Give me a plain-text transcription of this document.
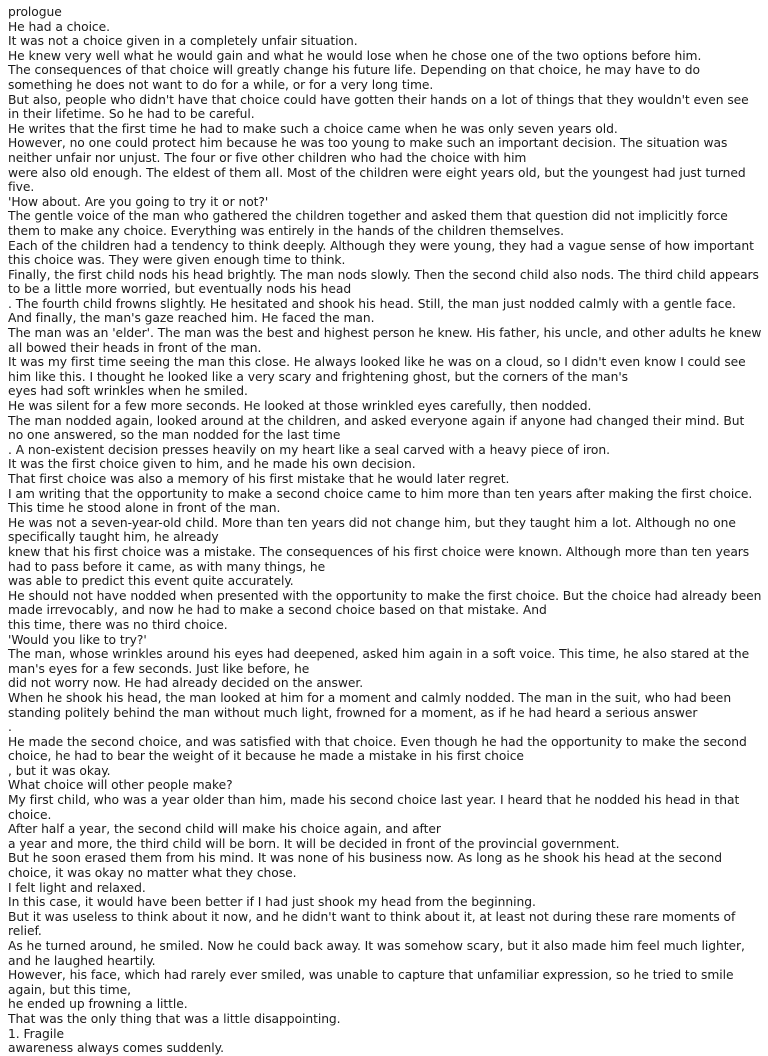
prologue

He had a choice.

It was not a choice given in a completely unfair situation.

He knew very well what he would gain and what he would lose when he chose one of the two options before him.

The consequences of that choice will greatly change his future life. Depending on that choice, he may have to do something he does not want to do for a while, or for a very long time.

But also, people who didn't have that choice could have gotten their hands on a lot of things that they wouldn't even see in their lifetime. So he had to be careful.

He writes that the first time he had to make such a choice came when he was only seven years old.

However, no one could protect him because he was too young to make such an important decision. The situation was neither unfair nor unjust. The four or five other children who had the choice with him

were also old enough. The eldest of them all. Most of the children were eight years old, but the youngest had just turned five.

'How about. Are you going to try it or not?'

The gentle voice of the man who gathered the children together and asked them that question did not implicitly force them to make any choice. Everything was entirely in the hands of the children themselves.

Each of the children had a tendency to think deeply. Although they were young, they had a vague sense of how important this choice was. They were given enough time to think.

Finally, the first child nods his head brightly. The man nods slowly. Then the second child also nods. The third child appears to be a little more worried, but eventually nods his head

. The fourth child frowns slightly. He hesitated and shook his head. Still, the man just nodded calmly with a gentle face.

And finally, the man's gaze reached him. He faced the man.

The man was an 'elder'. The man was the best and highest person he knew. His father, his uncle, and other adults he knew all bowed their heads in front of the man.

It was my first time seeing the man this close. He always looked like he was on a cloud, so I didn't even know I could see him like this. I thought he looked like a very scary and frightening ghost, but the corners of the man's

eyes had soft wrinkles when he smiled.

He was silent for a few more seconds. He looked at those wrinkled eyes carefully, then nodded.

The man nodded again, looked around at the children, and asked everyone again if anyone had changed their mind. But no one answered, so the man nodded for the last time

. A non-existent decision presses heavily on my heart like a seal carved with a heavy piece of iron.

It was the first choice given to him, and he made his own decision.

That first choice was also a memory of his first mistake that he would later regret.

I am writing that the opportunity to make a second choice came to him more than ten years after making the first choice.

This time he stood alone in front of the man.

He was not a seven-year-old child. More than ten years did not change him, but they taught him a lot. Although no one specifically taught him, he already

knew that his first choice was a mistake. The consequences of his first choice were known. Although more than ten years had to pass before it came, as with many things, he

was able to predict this event quite accurately.

He should not have nodded when presented with the opportunity to make the first choice. But the choice had already been made irrevocably, and now he had to make a second choice based on that mistake. And

this time, there was no third choice.

'Would you like to try?'

The man, whose wrinkles around his eyes had deepened, asked him again in a soft voice. This time, he also stared at the man's eyes for a few seconds. Just like before, he

did not worry now. He had already decided on the answer.

When he shook his head, the man looked at him for a moment and calmly nodded. The man in the suit, who had been standing politely behind the man without much light, frowned for a moment, as if he had heard a serious answer

.

He made the second choice, and was satisfied with that choice. Even though he had the opportunity to make the second choice, he had to bear the weight of it because he made a mistake in his first choice

, but it was okay.

What choice will other people make?

My first child, who was a year older than him, made his second choice last year. I heard that he nodded his head in that choice.

After half a year, the second child will make his choice again, and after

a year and more, the third child will be born. It will be decided in front of the provincial government.

But he soon erased them from his mind. It was none of his business now. As long as he shook his head at the second choice, it was okay no matter what they chose.

I felt light and relaxed.

In this case, it would have been better if I had just shook my head from the beginning.

But it was useless to think about it now, and he didn't want to think about it, at least not during these rare moments of relief.

As he turned around, he smiled. Now he could back away. It was somehow scary, but it also made him feel much lighter, and he laughed heartily.

However, his face, which had rarely ever smiled, was unable to capture that unfamiliar expression, so he tried to smile again, but this time,

he ended up frowning a little.

That was the only thing that was a little disappointing.

1. Fragile

awareness always comes suddenly.
